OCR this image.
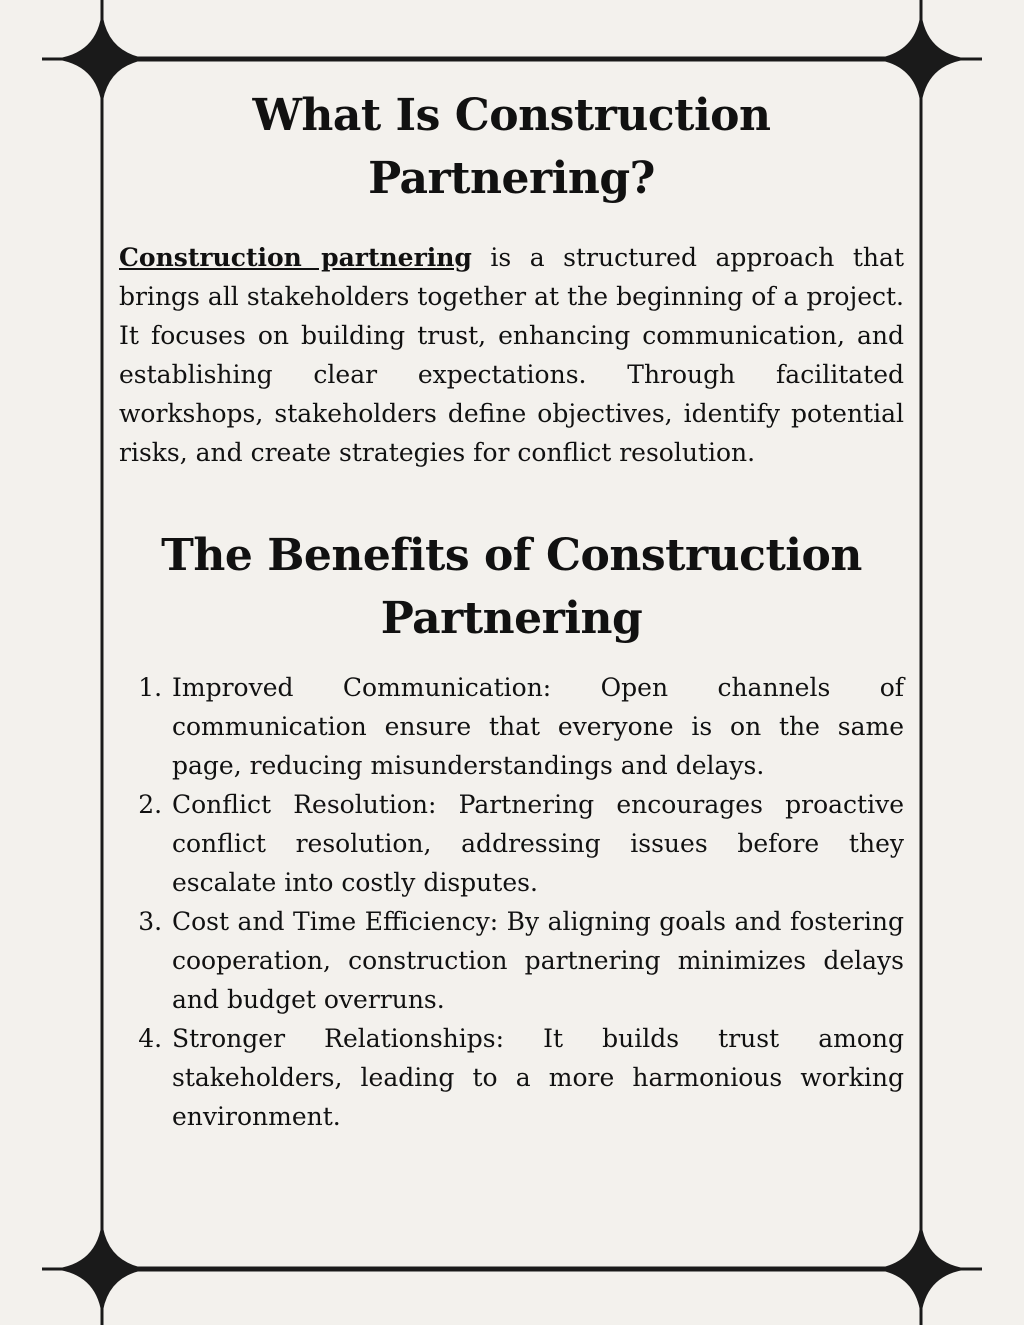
What Is Construction Partnering?

Construction partnering is a structured approach that brings all stakeholders together at the beginning of a project. It focuses on building trust, enhancing communication, and establishing clear expectations. Through facilitated workshops, stakeholders define objectives, identify potential risks, and create strategies for conflict resolution.

The Benefits of Construction Partnering
1. Improved Communication: Open channels of communication ensure that everyone is on the same page, reducing misunderstandings and delays.
2. Conflict Resolution: Partnering encourages proactive conflict resolution, addressing issues before they escalate into costly disputes.
3. Cost and Time Efficiency: By aligning goals and fostering cooperation, construction partnering minimizes delays and budget overruns.
4. Stronger Relationships: It builds trust among stakeholders, leading to a more harmonious working environment.
